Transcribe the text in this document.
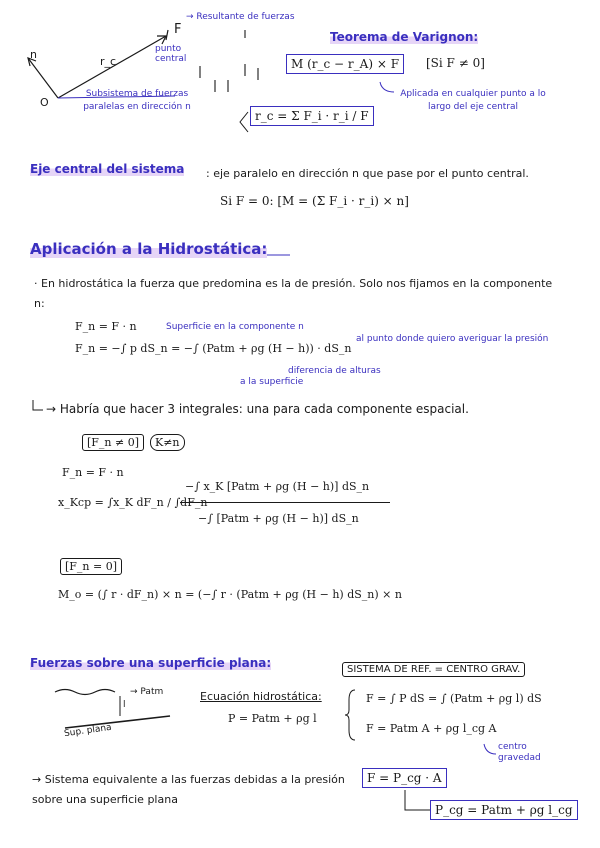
n
r_c
O
F
→ Resultante de fuerzas
punto central
Subsistema de fuerzas paralelas en dirección n
Teorema de Varignon:
M (r_c − r_A) × F	[Si F ≠ 0]
Aplicada en cualquier punto a lo largo del eje central
r_c = Σ F_i · r_i / F
Eje central del sistema : eje paralelo en dirección n que pase por el punto central.
Si F = 0: [M = (Σ F_i · r_i) × n]
Aplicación a la Hidrostática:
· En hidrostática la fuerza que predomina es la de presión. Solo nos fijamos en la componente n:
F_n = F · n	Superficie en la componente n
F_n = −∫ p dS_n = −∫ (Patm + ρg (H − h)) · dS_n
al punto donde quiero averiguar la presión
diferencia de alturas
a la superficie
→ Habría que hacer 3 integrales: una para cada componente espacial.
[F_n ≠ 0]	K≠n
F_n = F · n
x_Kcp = ∫x_K dF_n / ∫dF_n
−∫ x_K [Patm + ρg (H − h)] dS_n
−∫ [Patm + ρg (H − h)] dS_n
[F_n = 0]
M_o = (∫ r · dF_n) × n = (−∫ r · (Patm + ρg (H − h) dS_n) × n
Fuerzas sobre una superficie plana:	SISTEMA DE REF. = CENTRO GRAV.
→ Patm
l
Sup. plana
Ecuación hidrostática:
P = Patm + ρg l
F = ∫ P dS = ∫ (Patm + ρg l) dS
F = Patm A + ρg l_cg A
centro gravedad
→ Sistema equivalente a las fuerzas debidas a la presión sobre una superficie plana
F = P_cg · A
P_cg = Patm + ρg l_cg
